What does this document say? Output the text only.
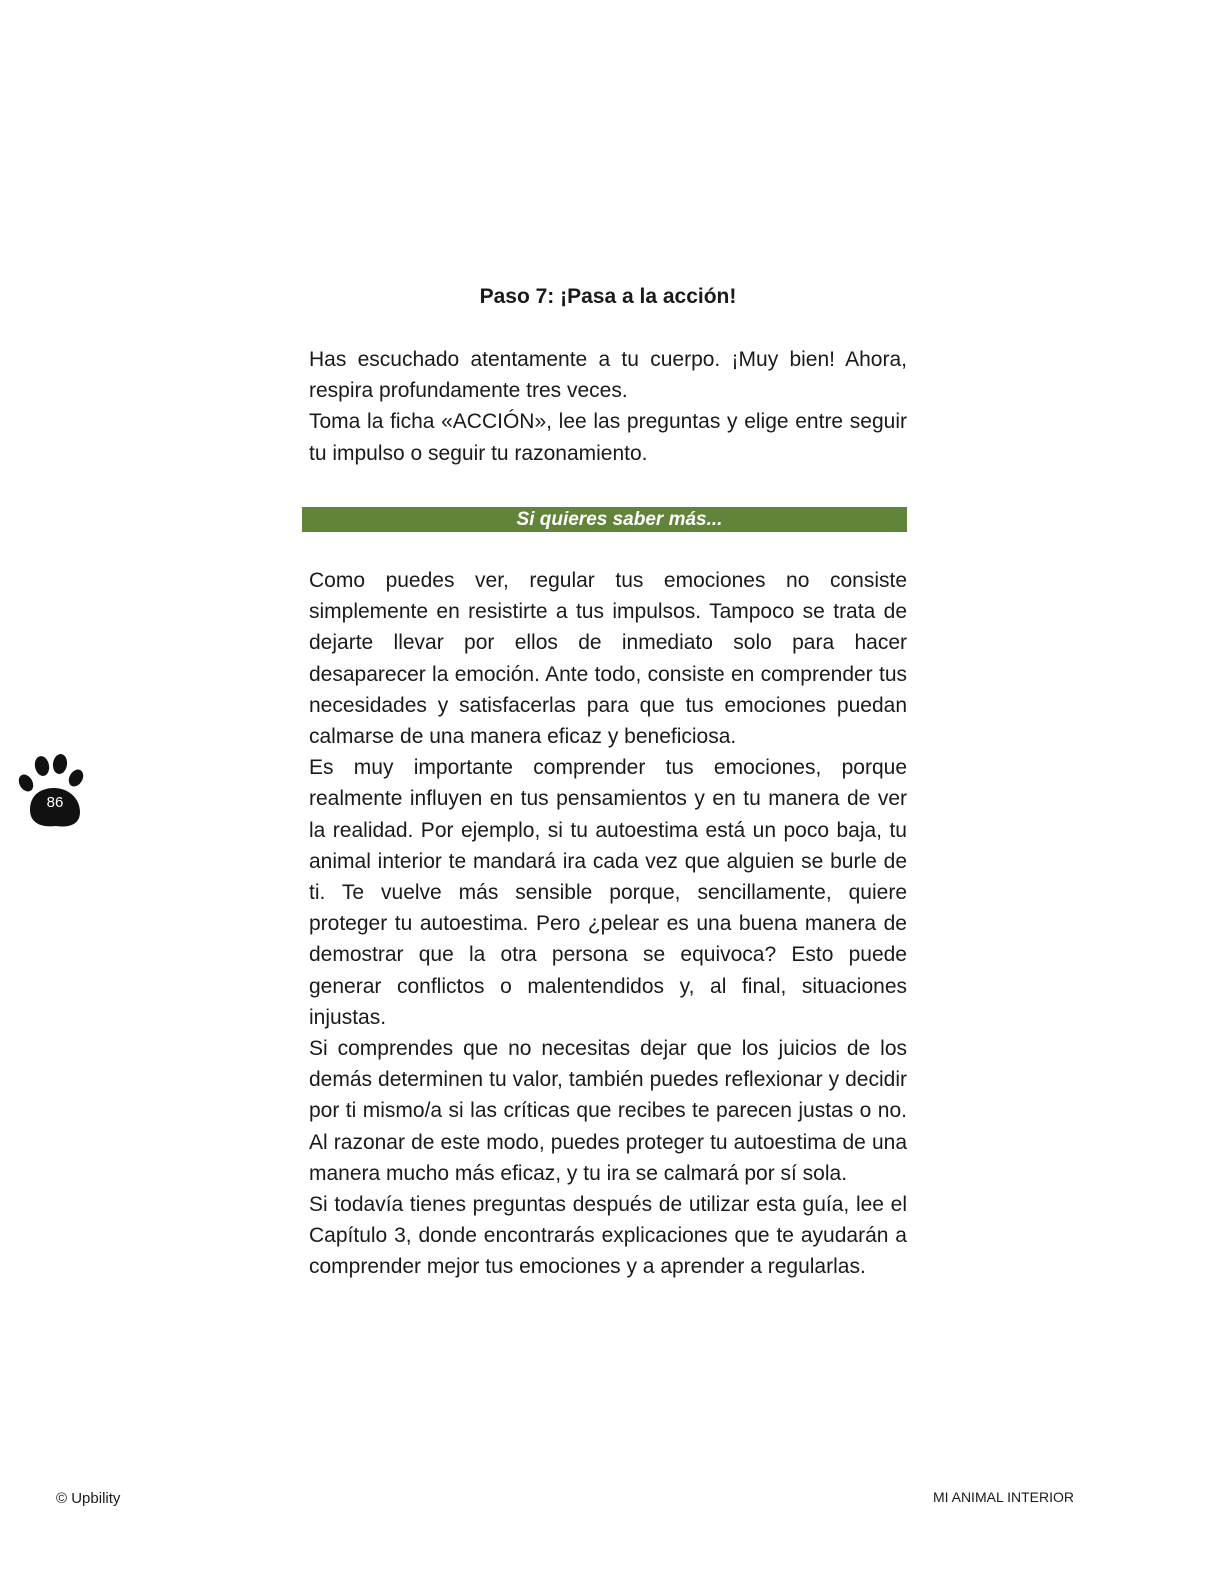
Paso 7: ¡Pasa a la acción!

Has escuchado atentamente a tu cuerpo. ¡Muy bien! Ahora, respira profundamente tres veces.

Toma la ficha «ACCIÓN», lee las preguntas y elige entre seguir tu impulso o seguir tu razonamiento.

Si quieres saber más...

Como puedes ver, regular tus emociones no consiste simplemente en resistirte a tus impulsos. Tampoco se trata de dejarte llevar por ellos de inmediato solo para hacer desaparecer la emoción. Ante todo, consiste en comprender tus necesidades y satisfacerlas para que tus emociones puedan calmarse de una manera eficaz y beneficiosa.

Es muy importante comprender tus emociones, porque realmente influyen en tus pensamientos y en tu manera de ver la realidad. Por ejemplo, si tu autoestima está un poco baja, tu animal interior te mandará ira cada vez que alguien se burle de ti. Te vuelve más sensible porque, sencillamente, quiere proteger tu autoestima. Pero ¿pelear es una buena manera de demostrar que la otra persona se equivoca? Esto puede generar conflictos o malentendidos y, al final, situaciones injustas.

Si comprendes que no necesitas dejar que los juicios de los demás determinen tu valor, también puedes reflexionar y decidir por ti mismo/a si las críticas que recibes te parecen justas o no. Al razonar de este modo, puedes proteger tu autoestima de una manera mucho más eficaz, y tu ira se calmará por sí sola.

Si todavía tienes preguntas después de utilizar esta guía, lee el Capítulo 3, donde encontrarás explicaciones que te ayudarán a comprender mejor tus emociones y a aprender a regularlas.

86
© Upbility	MI ANIMAL INTERIOR
